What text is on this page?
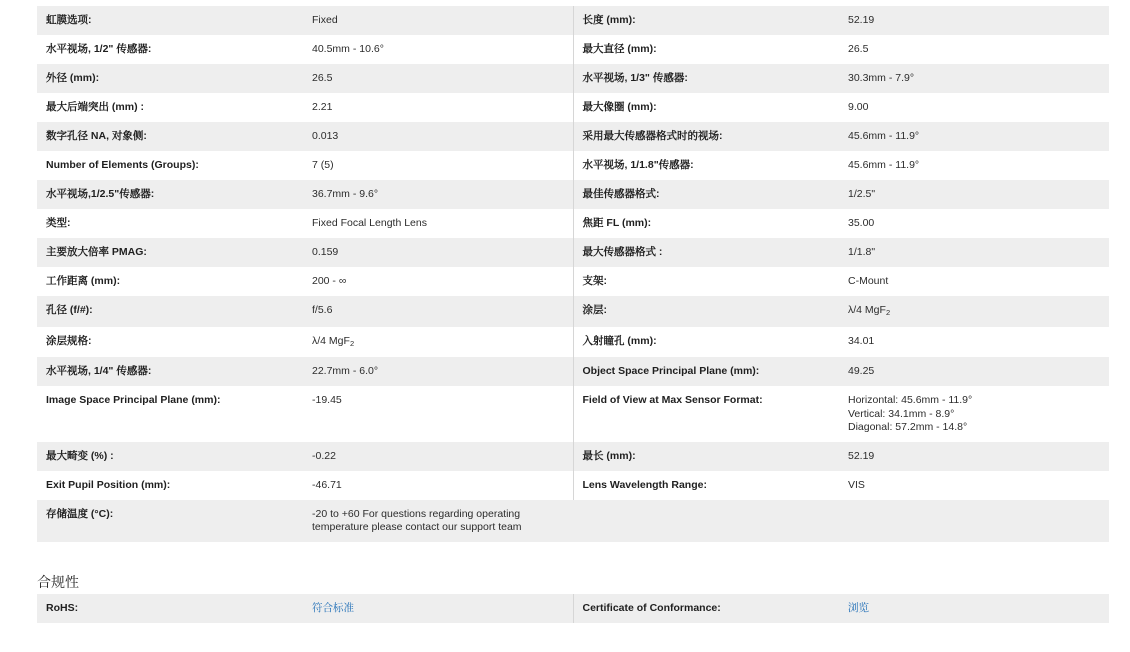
虹膜选项:	Fixed	长度 (mm):	52.19
水平视场, 1/2" 传感器:	40.5mm - 10.6°	最大直径 (mm):	26.5
外径 (mm):	26.5	水平视场, 1/3" 传感器:	30.3mm - 7.9°
最大后端突出 (mm) :	2.21	最大像圈 (mm):	9.00
数字孔径 NA, 对象侧:	0.013	采用最大传感器格式时的视场:	45.6mm - 11.9°
Number of Elements (Groups):	7 (5)	水平视场, 1/1.8"传感器:	45.6mm - 11.9°
水平视场,1/2.5"传感器:	36.7mm - 9.6°	最佳传感器格式:	1/2.5"
类型:	Fixed Focal Length Lens	焦距 FL (mm):	35.00
主要放大倍率 PMAG:	0.159	最大传感器格式 :	1/1.8"
工作距离 (mm):	200 - ∞	支架:	C-Mount
孔径 (f/#):	f/5.6	涂层:	λ/4 MgF$_2$
涂层规格:	λ/4 MgF$_2$	入射瞳孔 (mm):	34.01
水平视场, 1/4" 传感器:	22.7mm - 6.0°	Object Space Principal Plane (mm):	49.25
Image Space Principal Plane (mm):	-19.45	Field of View at Max Sensor Format:	Horizontal: 45.6mm - 11.9°
Vertical: 34.1mm - 8.9°
Diagonal: 57.2mm - 14.8°

最大畸变 (%) :	-0.22	最长 (mm):	52.19
Exit Pupil Position (mm):	-46.71	Lens Wavelength Range:	VIS
存储温度 (°C):	-20 to +60 For questions regarding operating
temperature please contact our support team		

合规性
RoHS:	符合标准	Certificate of Conformance:	浏览
